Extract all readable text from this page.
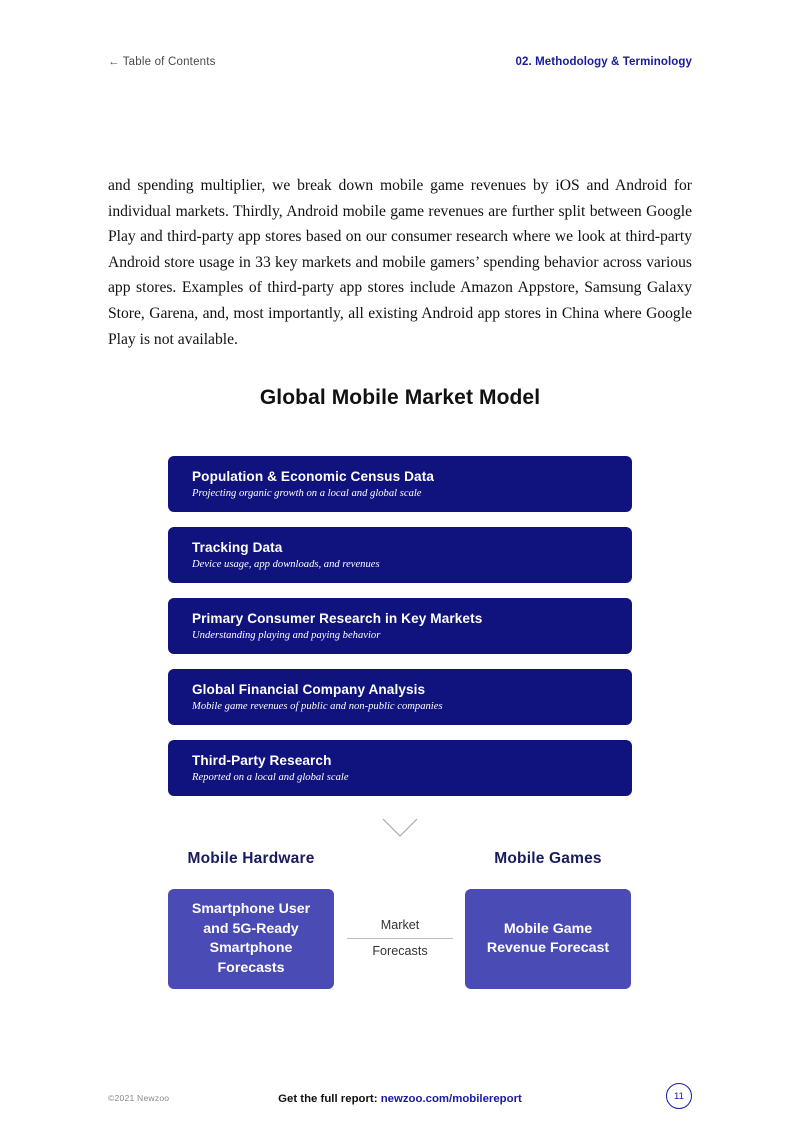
← Table of Contents	02. Methodology & Terminology
and spending multiplier, we break down mobile game revenues by iOS and Android for individual markets. Thirdly, Android mobile game revenues are further split between Google Play and third-party app stores based on our consumer research where we look at third-party Android store usage in 33 key markets and mobile gamers’ spending behavior across various app stores. Examples of third-party app stores include Amazon Appstore, Samsung Galaxy Store, Garena, and, most importantly, all existing Android app stores in China where Google Play is not available.
Global Mobile Market Model
Population & Economic Census Data
Projecting organic growth on a local and global scale
Tracking Data
Device usage, app downloads, and revenues
Primary Consumer Research in Key Markets
Understanding playing and paying behavior
Global Financial Company Analysis
Mobile game revenues of public and non-public companies
Third-Party Research
Reported on a local and global scale
Mobile Hardware	Mobile Games
Smartphone User and 5G-Ready Smartphone Forecasts
Mobile Game Revenue Forecast
Market
Forecasts
©2021 Newzoo	Get the full report: newzoo.com/mobilereport	11
